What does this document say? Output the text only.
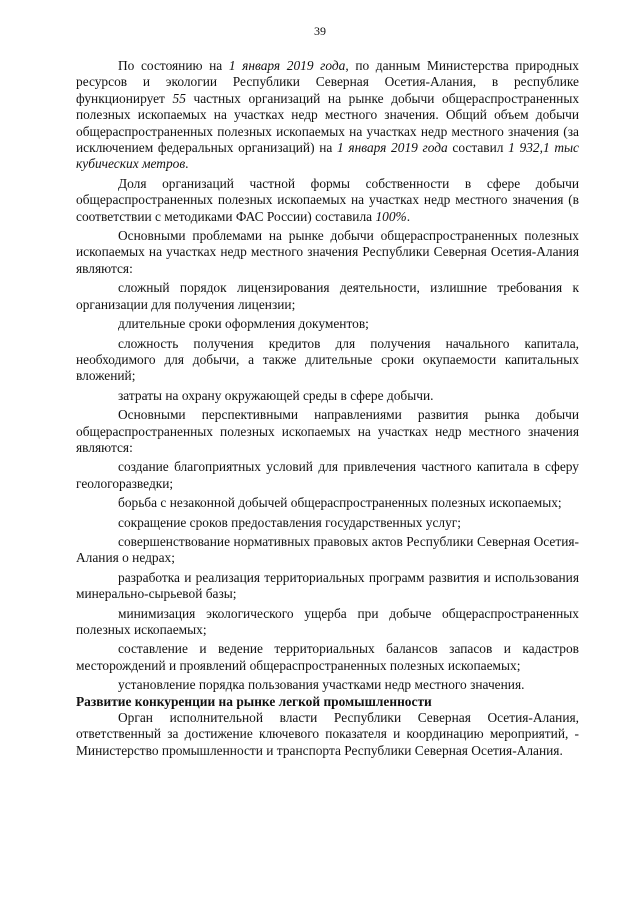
39

По состоянию на 1 января 2019 года, по данным Министерства природных ресурсов и экологии Республики Северная Осетия-Алания, в республике функционирует 55 частных организаций на рынке добычи общераспространенных полезных ископаемых на участках недр местного значения. Общий объем добычи общераспространенных полезных ископаемых на участках недр местного значения (за исключением федеральных организаций) на 1 января 2019 года составил 1 932,1 тыс кубических метров.

Доля организаций частной формы собственности в сфере добычи общераспространенных полезных ископаемых на участках недр местного значения (в соответствии с методиками ФАС России) составила 100%.

Основными проблемами на рынке добычи общераспространенных полезных ископаемых на участках недр местного значения Республики Северная Осетия-Алания являются:

сложный порядок лицензирования деятельности, излишние требования к организации для получения лицензии;

длительные сроки оформления документов;

сложность получения кредитов для получения начального капитала, необходимого для добычи, а также длительные сроки окупаемости капитальных вложений;

затраты на охрану окружающей среды в сфере добычи.

Основными перспективными направлениями развития рынка добычи общераспространенных полезных ископаемых на участках недр местного значения являются:

создание благоприятных условий для привлечения частного капитала в сферу геологоразведки;

борьба с незаконной добычей общераспространенных полезных ископаемых;

сокращение сроков предоставления государственных услуг;

совершенствование нормативных правовых актов Республики Северная Осетия-Алания о недрах;

разработка и реализация территориальных программ развития и использования минерально-сырьевой базы;

минимизация экологического ущерба при добыче общераспространенных полезных ископаемых;

составление и ведение территориальных балансов запасов и кадастров месторождений и проявлений общераспространенных полезных ископаемых;

установление порядка пользования участками недр местного значения.

Развитие конкуренции на рынке легкой промышленности

Орган исполнительной власти Республики Северная Осетия-Алания, ответственный за достижение ключевого показателя и координацию мероприятий, - Министерство промышленности и транспорта Республики Северная Осетия-Алания.
